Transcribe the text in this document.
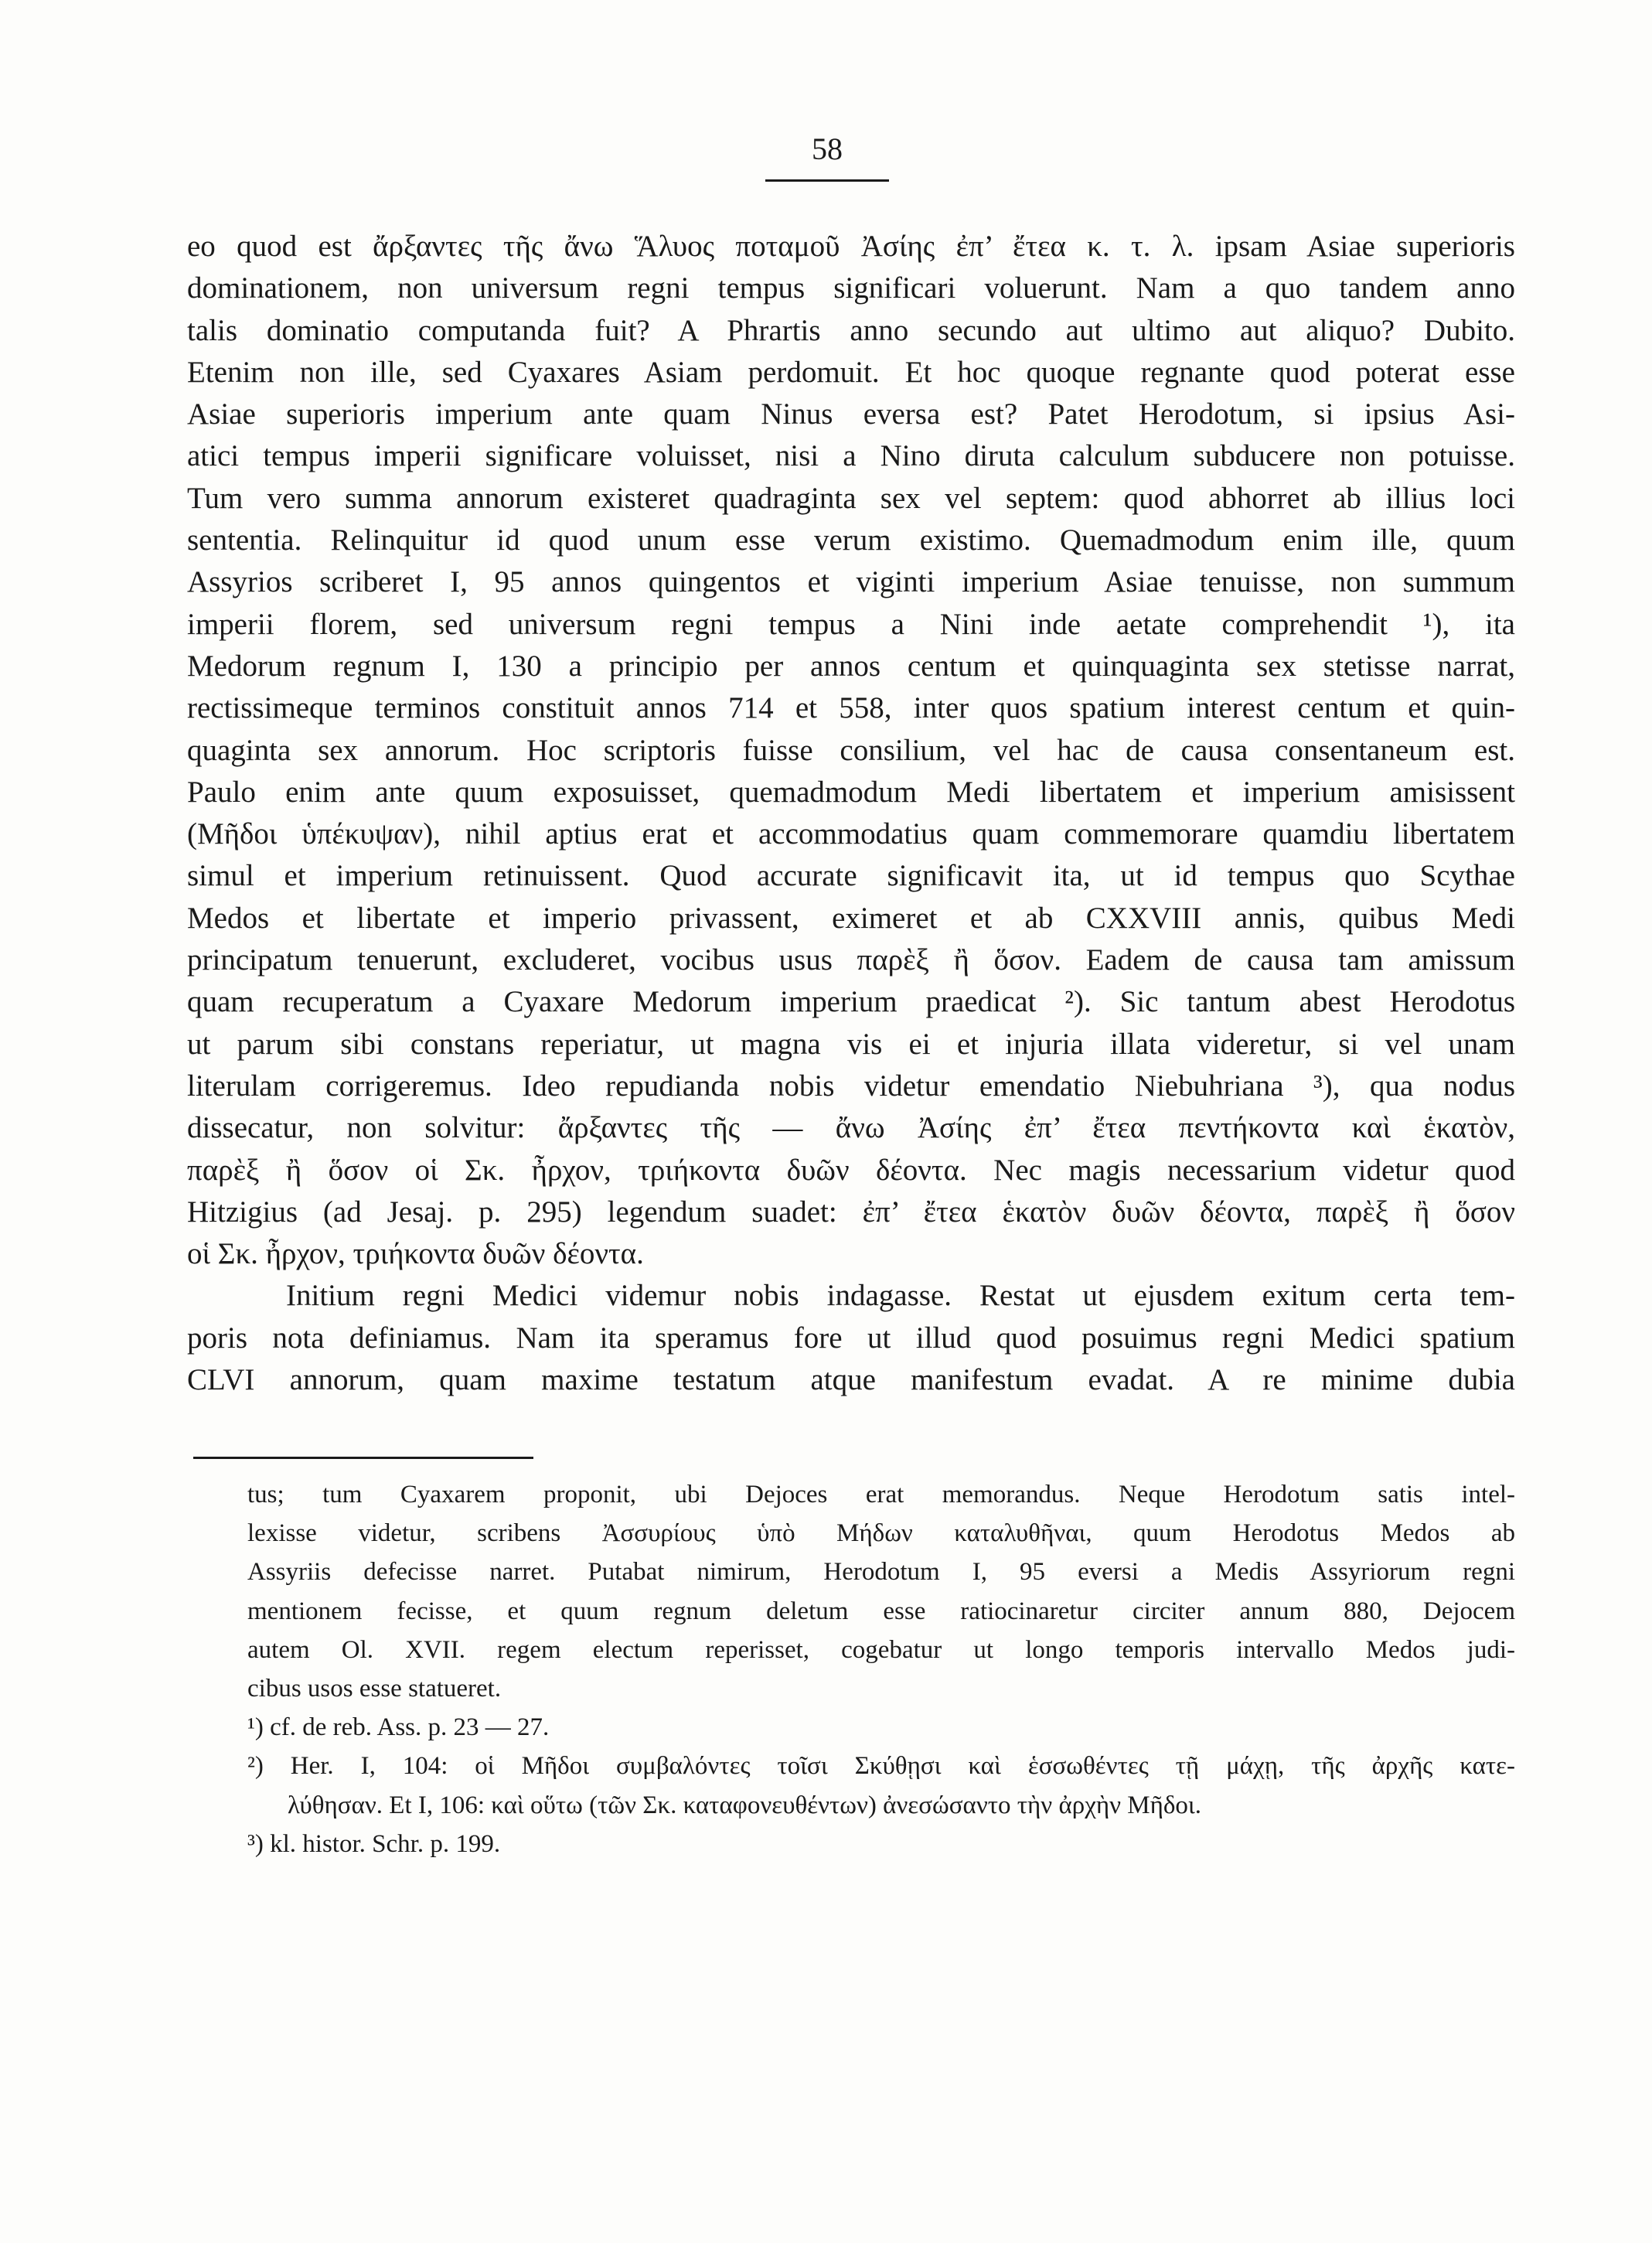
58
eo quod est ἄρξαντες τῆς ἄνω Ἅλυος ποταμοῦ Ἀσίης ἐπ’ ἔτεα κ. τ. λ. ipsam Asiae superioris
dominationem, non universum regni tempus significari voluerunt. Nam a quo tandem anno
talis dominatio computanda fuit? A Phrartis anno secundo aut ultimo aut aliquo? Dubito.
Etenim non ille, sed Cyaxares Asiam perdomuit. Et hoc quoque regnante quod poterat esse
Asiae superioris imperium ante quam Ninus eversa est? Patet Herodotum, si ipsius Asi-
atici tempus imperii significare voluisset, nisi a Nino diruta calculum subducere non potuisse.
Tum vero summa annorum existeret quadraginta sex vel septem: quod abhorret ab illius loci
sententia. Relinquitur id quod unum esse verum existimo. Quemadmodum enim ille, quum
Assyrios scriberet I, 95 annos quingentos et viginti imperium Asiae tenuisse, non summum
imperii florem, sed universum regni tempus a Nini inde aetate comprehendit ¹), ita
Medorum regnum I, 130 a principio per annos centum et quinquaginta sex stetisse narrat,
rectissimeque terminos constituit annos 714 et 558, inter quos spatium interest centum et quin-
quaginta sex annorum. Hoc scriptoris fuisse consilium, vel hac de causa consentaneum est.
Paulo enim ante quum exposuisset, quemadmodum Medi libertatem et imperium amisissent
(Μῆδοι ὑπέκυψαν), nihil aptius erat et accommodatius quam commemorare quamdiu libertatem
simul et imperium retinuissent. Quod accurate significavit ita, ut id tempus quo Scythae
Medos et libertate et imperio privassent, eximeret et ab CXXVIII annis, quibus Medi
principatum tenuerunt, excluderet, vocibus usus παρὲξ ἢ ὅσον. Eadem de causa tam amissum
quam recuperatum a Cyaxare Medorum imperium praedicat ²). Sic tantum abest Herodotus
ut parum sibi constans reperiatur, ut magna vis ei et injuria illata videretur, si vel unam
literulam corrigeremus. Ideo repudianda nobis videtur emendatio Niebuhriana ³), qua nodus
dissecatur, non solvitur: ἄρξαντες τῆς — ἄνω Ἀσίης ἐπ’ ἔτεα πεντήκοντα καὶ ἑκατὸν,
παρὲξ ἢ ὅσον οἱ Σκ. ἦρχον, τριήκοντα δυῶν δέοντα. Nec magis necessarium videtur quod
Hitzigius (ad Jesaj. p. 295) legendum suadet: ἐπ’ ἔτεα ἑκατὸν δυῶν δέοντα, παρὲξ ἢ ὅσον
οἱ Σκ. ἦρχον, τριήκοντα δυῶν δέοντα.
Initium regni Medici videmur nobis indagasse. Restat ut ejusdem exitum certa tem-
poris nota definiamus. Nam ita speramus fore ut illud quod posuimus regni Medici spatium
CLVI annorum, quam maxime testatum atque manifestum evadat. A re minime dubia
tus; tum Cyaxarem proponit, ubi Dejoces erat memorandus. Neque Herodotum satis intel-
lexisse videtur, scribens Ἀσσυρίους ὑπὸ Μήδων καταλυθῆναι, quum Herodotus Medos ab
Assyriis defecisse narret. Putabat nimirum, Herodotum I, 95 eversi a Medis Assyriorum regni
mentionem fecisse, et quum regnum deletum esse ratiocinaretur circiter annum 880, Dejocem
autem Ol. XVII. regem electum reperisset, cogebatur ut longo temporis intervallo Medos judi-
cibus usos esse statueret.
¹) cf. de reb. Ass. p. 23 — 27.
²) Her. I, 104: οἱ Μῆδοι συμβαλόντες τοῖσι Σκύθῃσι καὶ ἑσσωθέντες τῇ μάχῃ, τῆς ἀρχῆς κατε-
λύθησαν. Et I, 106: καὶ οὕτω (τῶν Σκ. καταφονευθέντων) ἀνεσώσαντο τὴν ἀρχὴν Μῆδοι.
³) kl. histor. Schr. p. 199.
